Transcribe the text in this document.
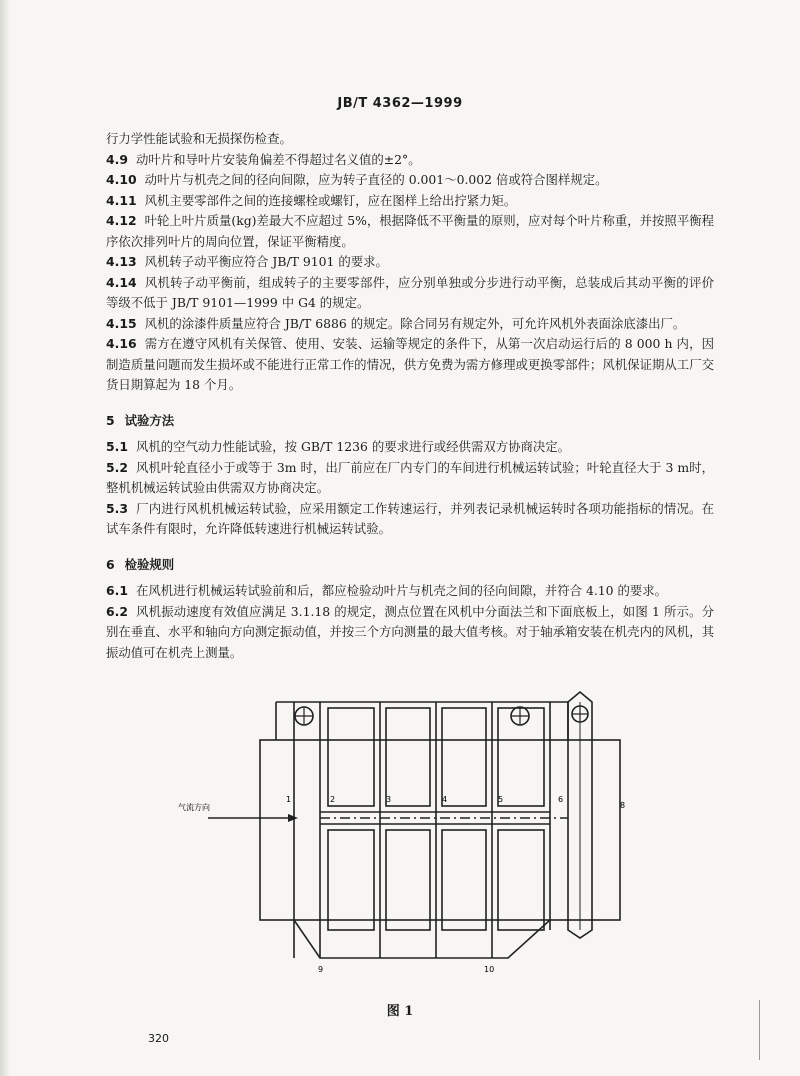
JB/T 4362—1999

行力学性能试验和无损探伤检查。

4.9 动叶片和导叶片安装角偏差不得超过名义值的±2°。

4.10 动叶片与机壳之间的径向间隙，应为转子直径的 0.001～0.002 倍或符合图样规定。

4.11 风机主要零部件之间的连接螺栓或螺钉，应在图样上给出拧紧力矩。

4.12 叶轮上叶片质量(kg)差最大不应超过 5%，根据降低不平衡量的原则，应对每个叶片称重，并按照平衡程序依次排列叶片的周向位置，保证平衡精度。

4.13 风机转子动平衡应符合 JB/T 9101 的要求。

4.14 风机转子动平衡前，组成转子的主要零部件，应分别单独或分步进行动平衡，总装成后其动平衡的评价等级不低于 JB/T 9101—1999 中 G4 的规定。

4.15 风机的涂漆件质量应符合 JB/T 6886 的规定。除合同另有规定外，可允许风机外表面涂底漆出厂。

4.16 需方在遵守风机有关保管、使用、安装、运输等规定的条件下，从第一次启动运行后的 8 000 h 内，因制造质量问题而发生损坏或不能进行正常工作的情况，供方免费为需方修理或更换零部件；风机保证期从工厂交货日期算起为 18 个月。

5 试验方法

5.1 风机的空气动力性能试验，按 GB/T 1236 的要求进行或经供需双方协商决定。

5.2 风机叶轮直径小于或等于 3m 时，出厂前应在厂内专门的车间进行机械运转试验；叶轮直径大于 3 m时，整机机械运转试验由供需双方协商决定。

5.3 厂内进行风机机械运转试验，应采用额定工作转速运行，并列表记录机械运转时各项功能指标的情况。在试车条件有限时，允许降低转速进行机械运转试验。

6 检验规则

6.1 在风机进行机械运转试验前和后，都应检验动叶片与机壳之间的径向间隙，并符合 4.10 的要求。

6.2 风机振动速度有效值应满足 3.1.18 的规定，测点位置在风机中分面法兰和下面底板上，如图 1 所示。分别在垂直、水平和轴向方向测定振动值，并按三个方向测量的最大值考核。对于轴承箱安装在机壳内的风机，其振动值可在机壳上测量。

气流方向
1	2	3	4	5	6
8
9	10
图 1
320
